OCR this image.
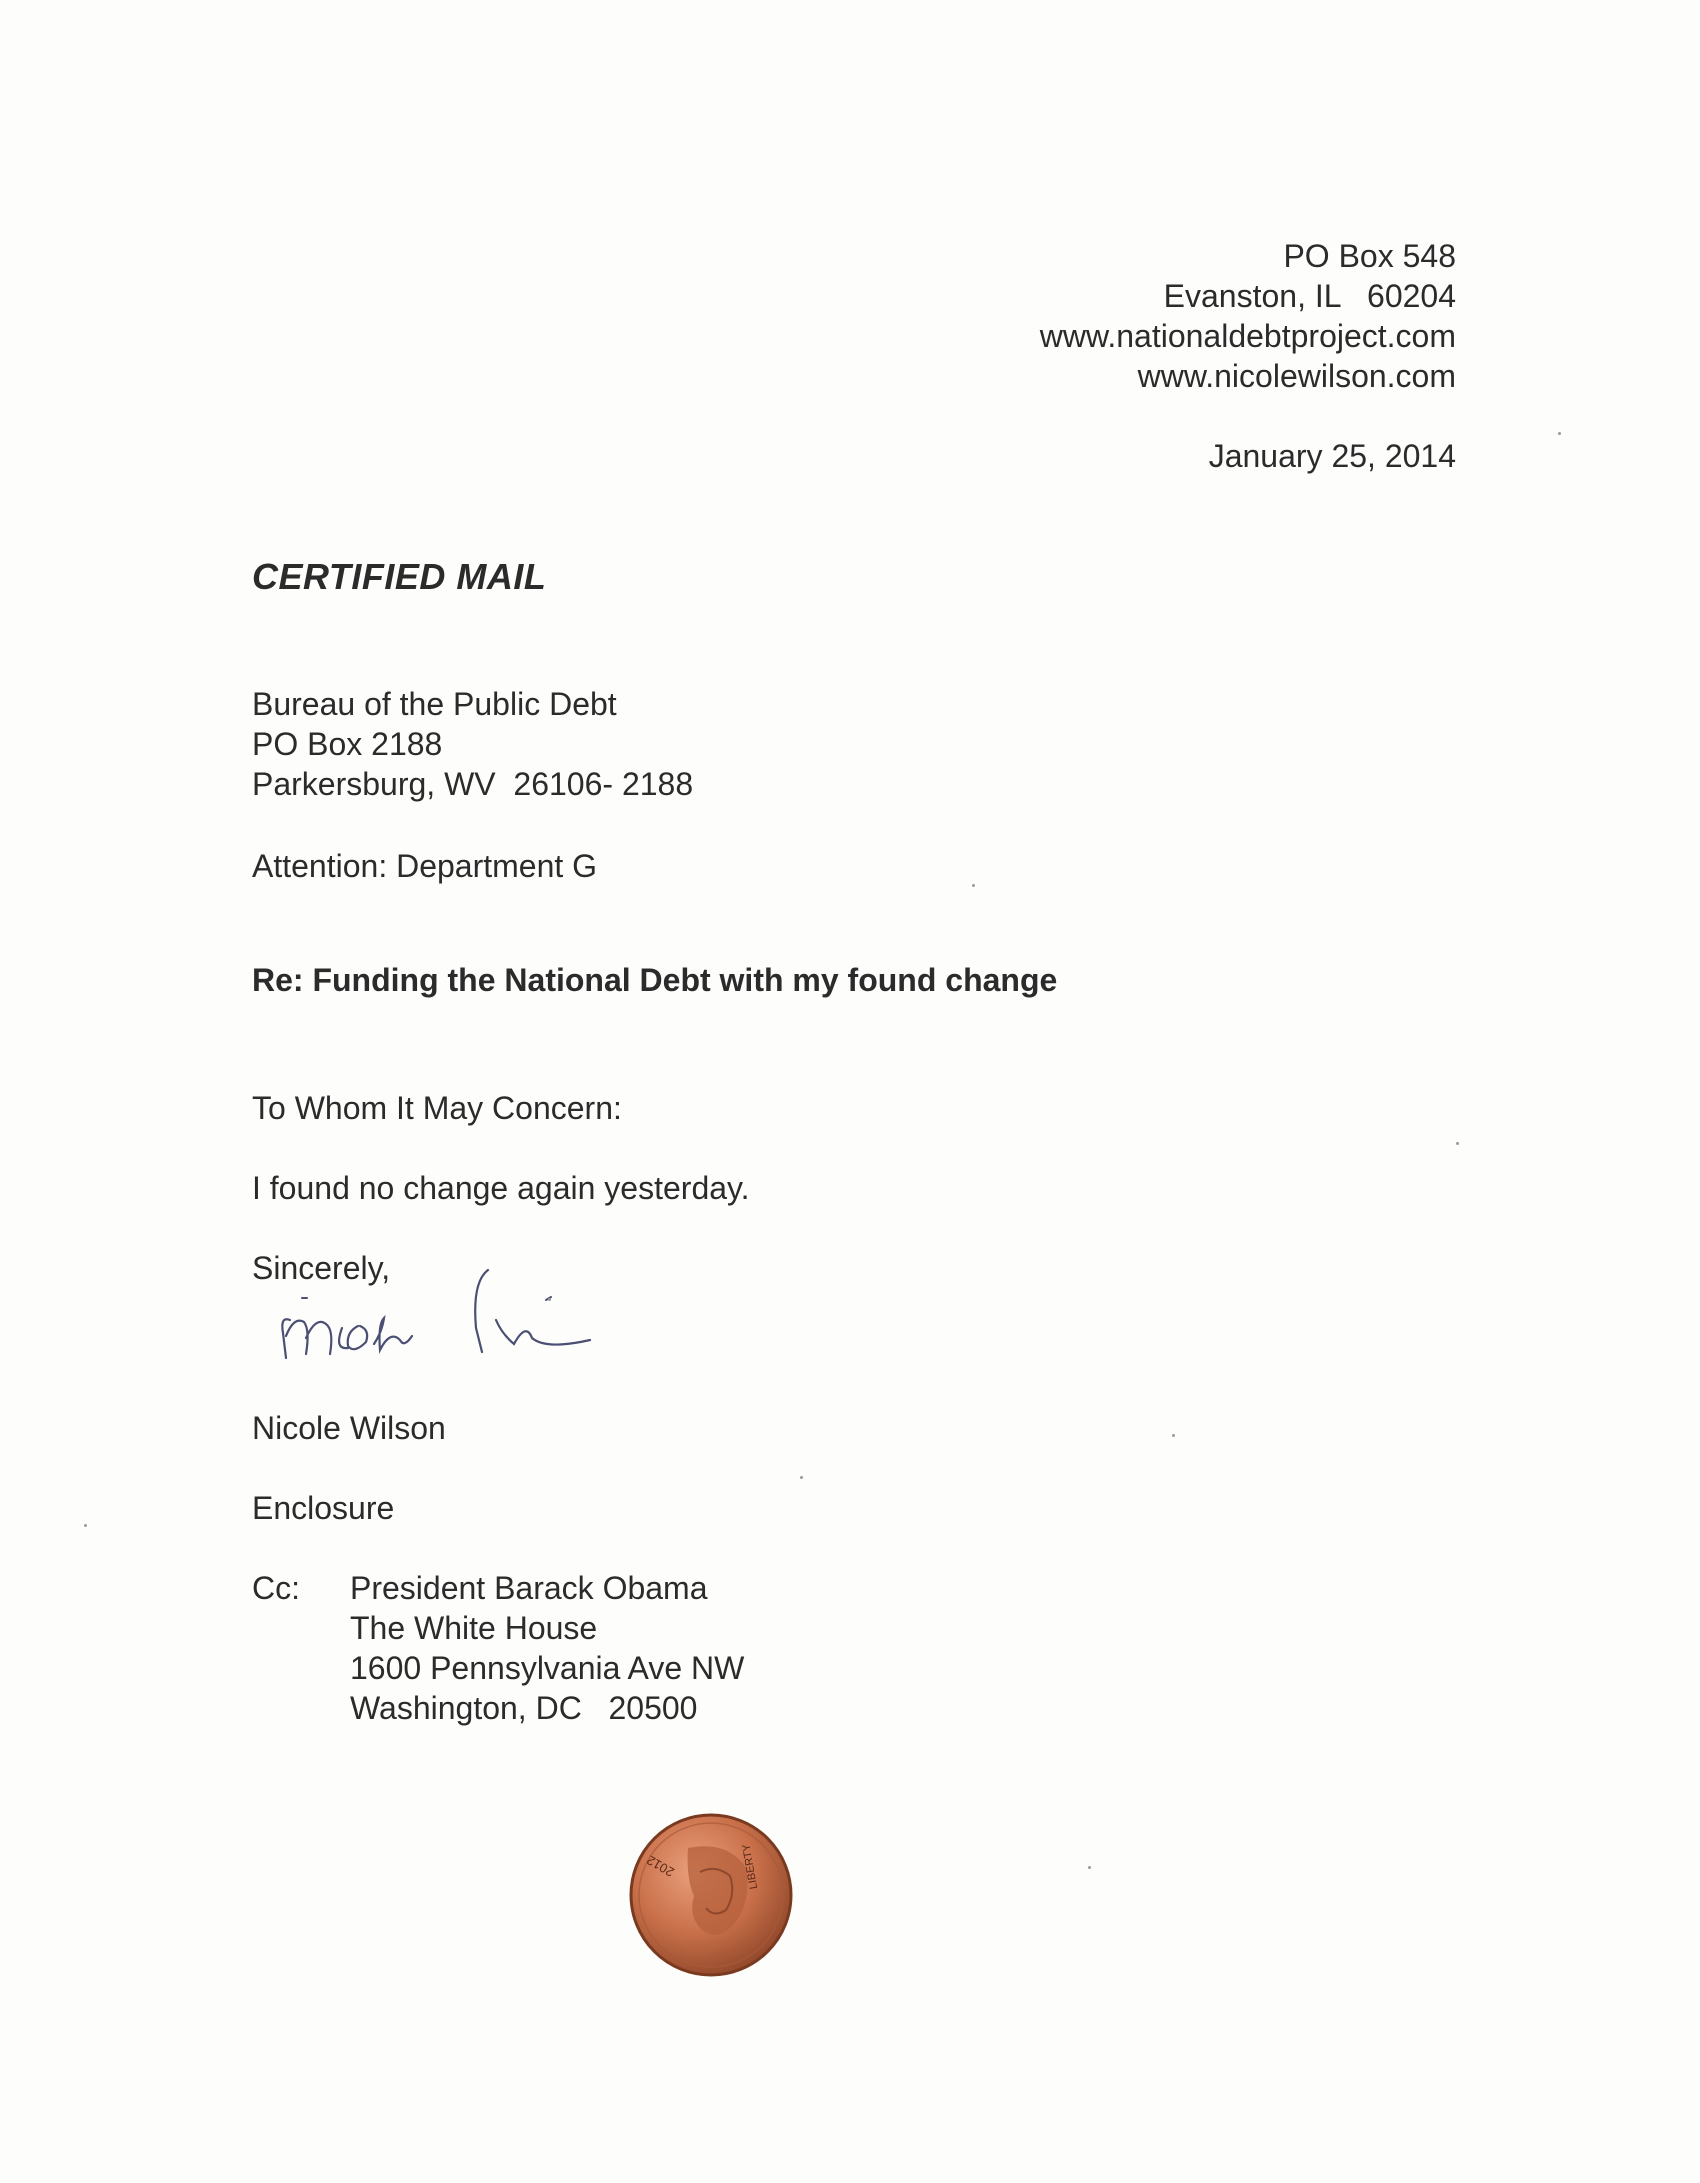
PO Box 548
Evanston, IL   60204
www.nationaldebtproject.com
www.nicolewilson.com
January 25, 2014
CERTIFIED MAIL
Bureau of the Public Debt
PO Box 2188
Parkersburg, WV  26106- 2188
Attention: Department G
Re: Funding the National Debt with my found change
To Whom It May Concern:
I found no change again yesterday.
Sincerely,
Nicole Wilson
Enclosure
Cc: President Barack Obama
The White House
1600 Pennsylvania Ave NW
Washington, DC   20500
2012	LIBERTY
